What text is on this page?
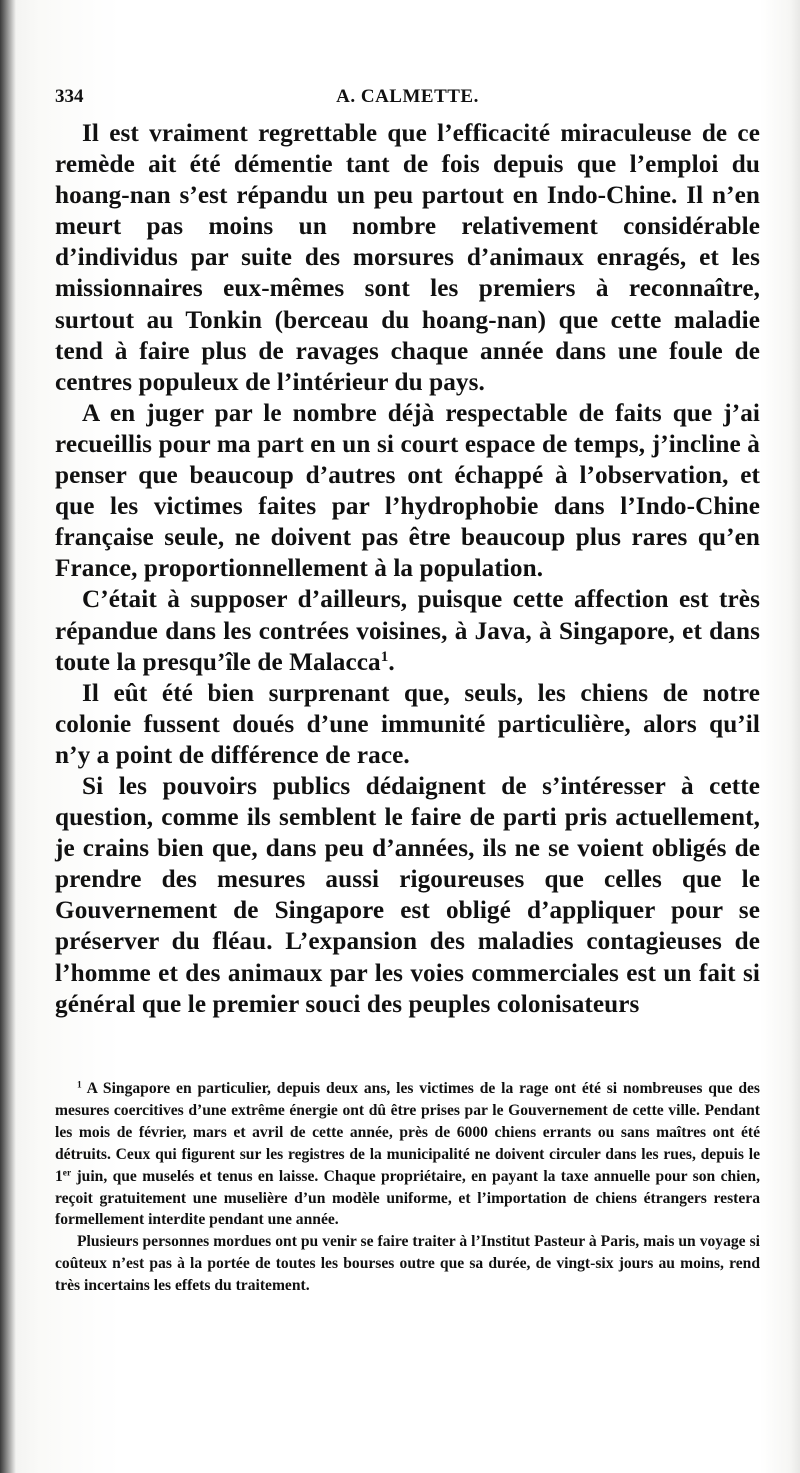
334	A. CALMETTE.

Il est vraiment regrettable que l’efficacité miraculeuse de ce remède ait été démentie tant de fois depuis que l’emploi du hoang-nan s’est répandu un peu partout en Indo-Chine. Il n’en meurt pas moins un nombre relativement considérable d’individus par suite des morsures d’animaux enragés, et les missionnaires eux-mêmes sont les premiers à reconnaître, surtout au Tonkin (berceau du hoang-nan) que cette maladie tend à faire plus de ravages chaque année dans une foule de centres populeux de l’intérieur du pays.

A en juger par le nombre déjà respectable de faits que j’ai recueillis pour ma part en un si court espace de temps, j’incline à penser que beaucoup d’autres ont échappé à l’observation, et que les victimes faites par l’hydrophobie dans l’Indo-Chine française seule, ne doivent pas être beaucoup plus rares qu’en France, proportionnellement à la population.

C’était à supposer d’ailleurs, puisque cette affection est très répandue dans les contrées voisines, à Java, à Singapore, et dans toute la presqu’île de Malacca$^1$.

Il eût été bien surprenant que, seuls, les chiens de notre colonie fussent doués d’une immunité particulière, alors qu’il n’y a point de différence de race.

Si les pouvoirs publics dédaignent de s’intéresser à cette question, comme ils semblent le faire de parti pris actuellement, je crains bien que, dans peu d’années, ils ne se voient obligés de prendre des mesures aussi rigoureuses que celles que le Gouvernement de Singapore est obligé d’appliquer pour se préserver du fléau. L’expansion des maladies contagieuses de l’homme et des animaux par les voies commerciales est un fait si général que le premier souci des peuples colonisateurs

$^1$ A Singapore en particulier, depuis deux ans, les victimes de la rage ont été si nombreuses que des mesures coercitives d’une extrême énergie ont dû être prises par le Gouvernement de cette ville. Pendant les mois de février, mars et avril de cette année, près de 6000 chiens errants ou sans maîtres ont été détruits. Ceux qui figurent sur les registres de la municipalité ne doivent circuler dans les rues, depuis le 1er juin, que muselés et tenus en laisse. Chaque propriétaire, en payant la taxe annuelle pour son chien, reçoit gratuitement une muselière d’un modèle uniforme, et l’importation de chiens étrangers restera formellement interdite pendant une année.

Plusieurs personnes mordues ont pu venir se faire traiter à l’Institut Pasteur à Paris, mais un voyage si coûteux n’est pas à la portée de toutes les bourses outre que sa durée, de vingt-six jours au moins, rend très incertains les effets du traitement.
